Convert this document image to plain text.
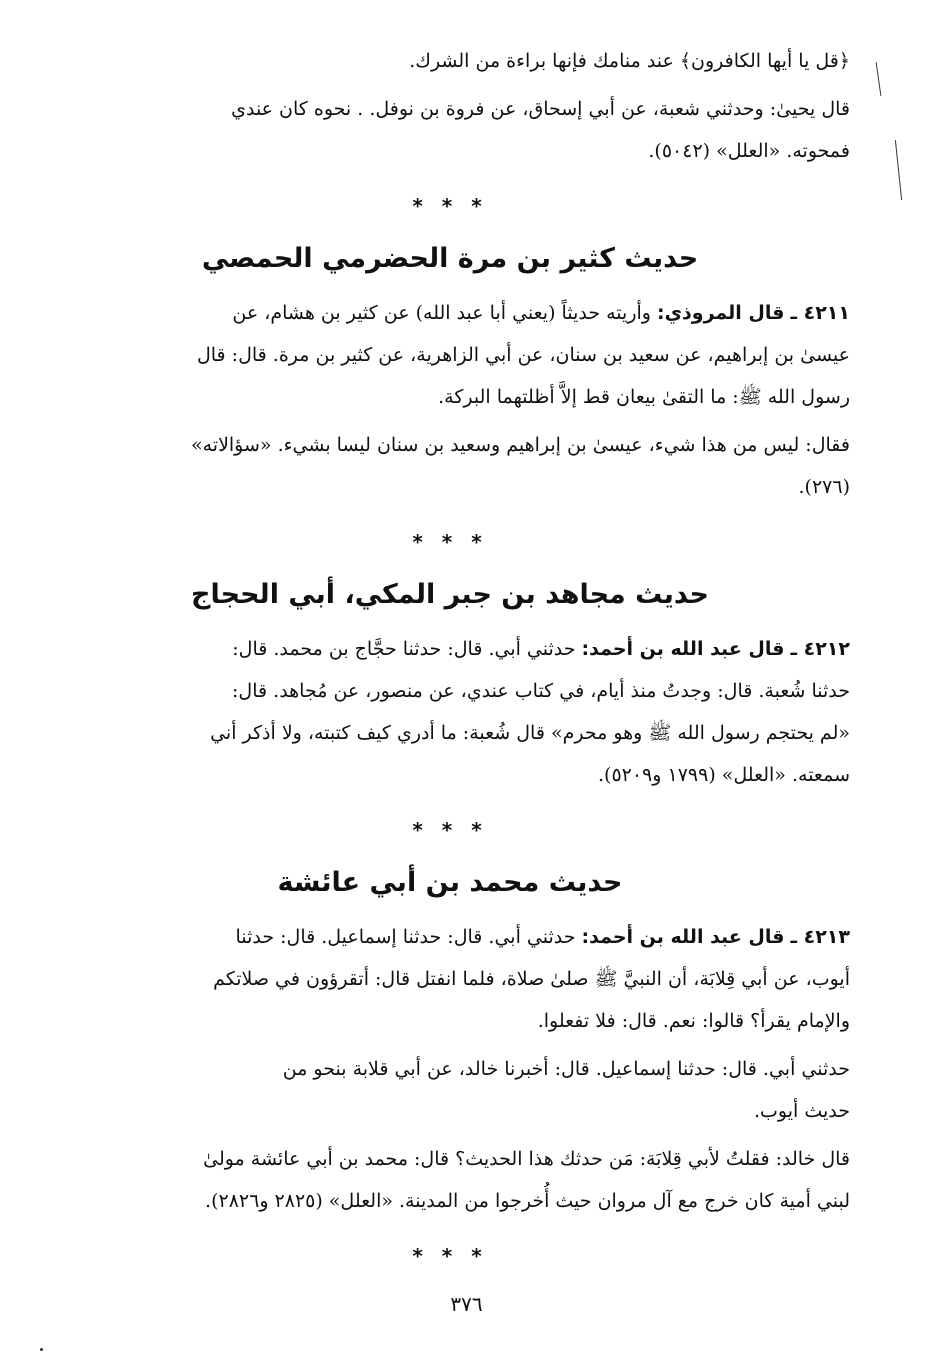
﴿قل يا أيها الكافرون﴾ عند منامك فإنها براءة من الشرك.

قال يحيىٰ: وحدثني شعبة، عن أبي إسحاق، عن فروة بن نوفل. . نحوه كان عندي

فمحوته. «العلل» (٥٠٤٢).

* * *
حديث كثير بن مرة الحضرمي الحمصي

٤٢١١ ـ قال المروذي: وأريته حديثاً (يعني أبا عبد الله) عن كثير بن هشام، عن

عيسىٰ بن إبراهيم، عن سعيد بن سنان، عن أبي الزاهرية، عن كثير بن مرة. قال: قال

رسول الله ﷺ: ما التقىٰ بيعان قط إلاَّ أظلتهما البركة.

فقال: ليس من هذا شيء، عيسىٰ بن إبراهيم وسعيد بن سنان ليسا بشيء. «سؤالاته»

(٢٧٦).

* * *
حديث مجاهد بن جبر المكي، أبي الحجاج

٤٢١٢ ـ قال عبد الله بن أحمد: حدثني أبي. قال: حدثنا حجَّاج بن محمد. قال:

حدثنا شُعبة. قال: وجدتُ منذ أيام، في كتاب عندي، عن منصور، عن مُجاهد. قال:

«لم يحتجم رسول الله ﷺ وهو محرم» قال شُعبة: ما أدري كيف كتبته، ولا أذكر أني

سمعته. «العلل» (١٧٩٩ و٥٢٠٩).

* * *
حديث محمد بن أبي عائشة

٤٢١٣ ـ قال عبد الله بن أحمد: حدثني أبي. قال: حدثنا إسماعيل. قال: حدثنا

أيوب، عن أبي قِلابَة، أن النبيَّ ﷺ صلىٰ صلاة، فلما انفتل قال: أتقرؤون في صلاتكم

والإمام يقرأ؟ قالوا: نعم. قال: فلا تفعلوا.

حدثني أبي. قال: حدثنا إسماعيل. قال: أخبرنا خالد، عن أبي قلابة بنحو من

حديث أيوب.

قال خالد: فقلتُ لأبي قِلابَة: مَن حدثك هذا الحديث؟ قال: محمد بن أبي عائشة مولىٰ

لبني أمية كان خرج مع آل مروان حيث أُخرجوا من المدينة. «العلل» (٢٨٢٥ و٢٨٢٦).

* * *
٣٧٦
